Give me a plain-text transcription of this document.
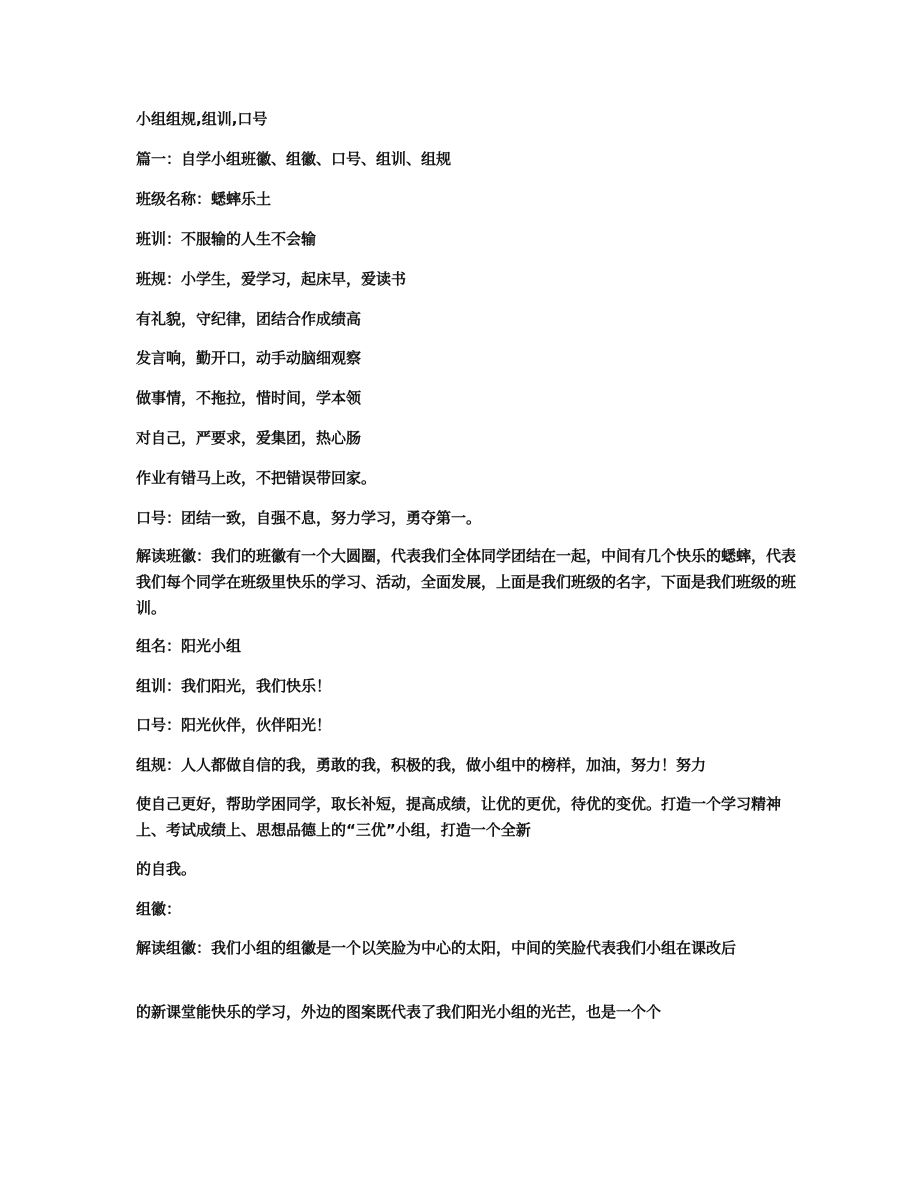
小组组规,组训,口号
篇一：自学小组班徽、组徽、口号、组训、组规
班级名称：蟋蟀乐土
班训：不服输的人生不会输
班规：小学生，爱学习，起床早，爱读书
有礼貌，守纪律，团结合作成绩高
发言响，勤开口，动手动脑细观察
做事情，不拖拉，惜时间，学本领
对自己，严要求，爱集团，热心肠
作业有错马上改，不把错误带回家。
口号：团结一致，自强不息，努力学习，勇夺第一。
解读班徽：我们的班徽有一个大圆圈，代表我们全体同学团结在一起，中间有几个快乐的蟋蟀，代表我们每个同学在班级里快乐的学习、活动，全面发展，上面是我们班级的名字，下面是我们班级的班训。
组名：阳光小组
组训：我们阳光，我们快乐！
口号：阳光伙伴，伙伴阳光！
组规：人人都做自信的我，勇敢的我，积极的我，做小组中的榜样，加油，努力！努力
使自己更好，帮助学困同学，取长补短，提高成绩，让优的更优，待优的变优。打造一个学习精神上、考试成绩上、思想品德上的“三优”小组，打造一个全新
的自我。
组徽：
解读组徽：我们小组的组徽是一个以笑脸为中心的太阳，中间的笑脸代表我们小组在课改后
的新课堂能快乐的学习，外边的图案既代表了我们阳光小组的光芒，也是一个个
